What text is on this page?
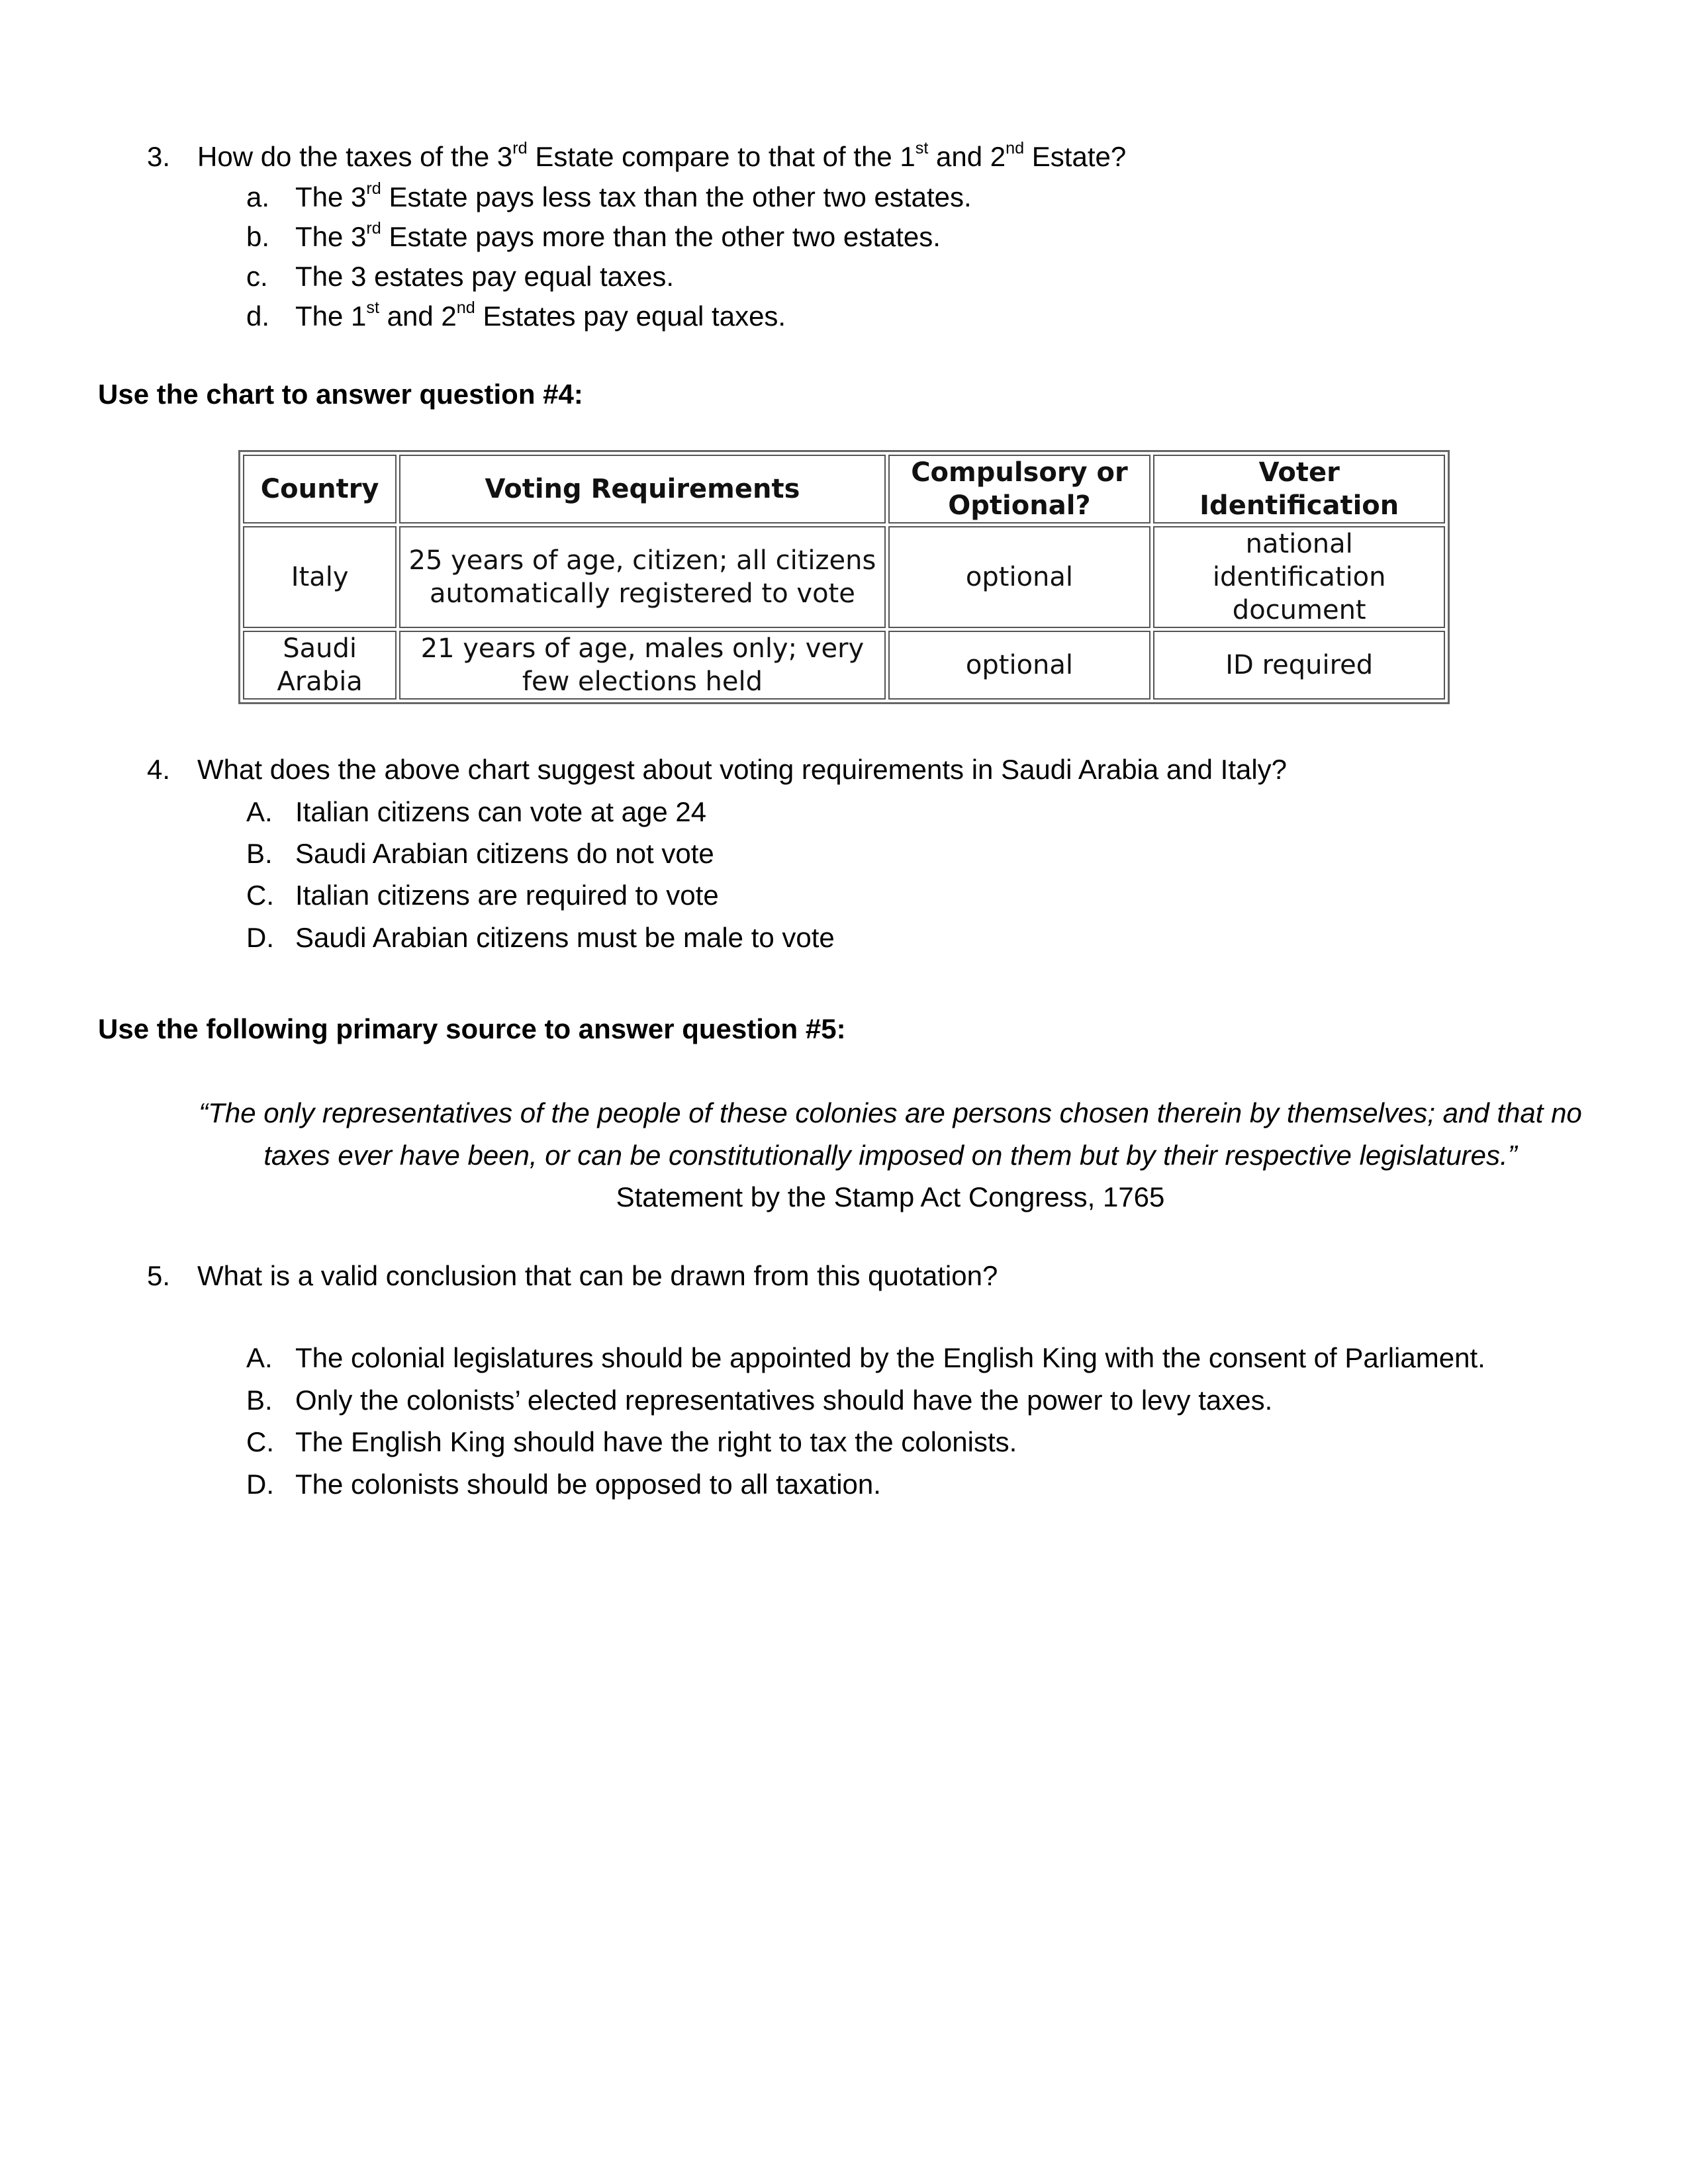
3. How do the taxes of the 3rd Estate compare to that of the 1st and 2nd Estate?
a. The 3rd Estate pays less tax than the other two estates.
b. The 3rd Estate pays more than the other two estates.
c. The 3 estates pay equal taxes.
d. The 1st and 2nd Estates pay equal taxes.
Use the chart to answer question #4:
Country	Voting Requirements	Compulsory or Optional?	Voter Identification
Italy	25 years of age, citizen; all citizens automatically registered to vote	optional	national identification document
Saudi Arabia	21 years of age, males only; very few elections held	optional	ID required
4. What does the above chart suggest about voting requirements in Saudi Arabia and Italy?
A. Italian citizens can vote at age 24
B. Saudi Arabian citizens do not vote
C. Italian citizens are required to vote
D. Saudi Arabian citizens must be male to vote
Use the following primary source to answer question #5:
“The only representatives of the people of these colonies are persons chosen therein by themselves; and that no
taxes ever have been, or can be constitutionally imposed on them but by their respective legislatures.”
Statement by the Stamp Act Congress, 1765
5. What is a valid conclusion that can be drawn from this quotation?
A. The colonial legislatures should be appointed by the English King with the consent of Parliament.
B. Only the colonists’ elected representatives should have the power to levy taxes.
C. The English King should have the right to tax the colonists.
D. The colonists should be opposed to all taxation.
